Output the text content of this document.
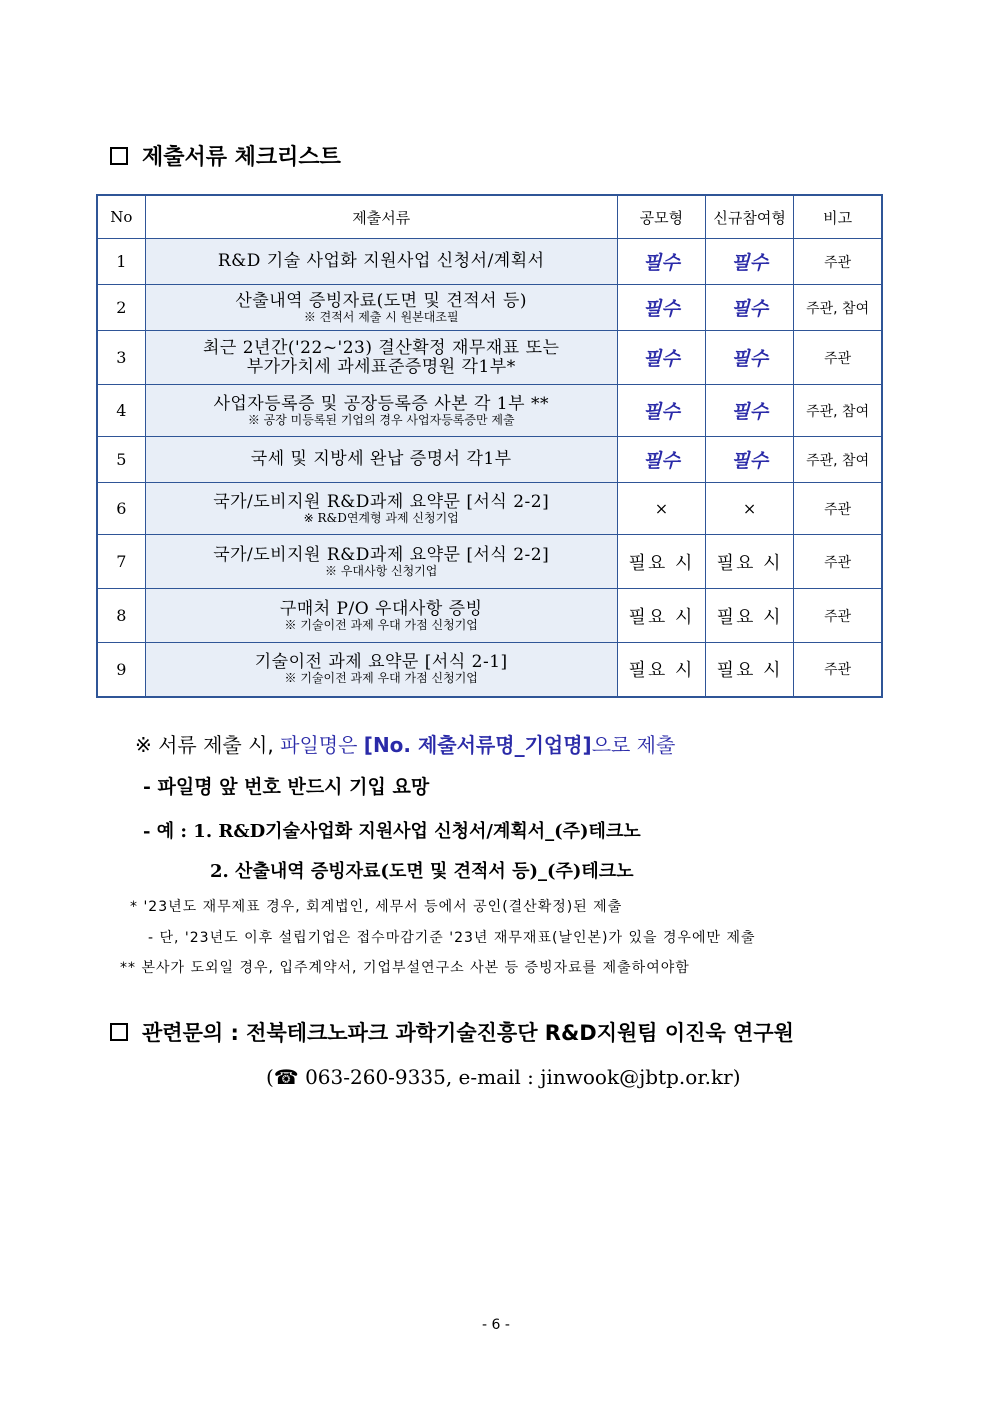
제출서류 체크리스트
No	제출서류	공모형	신규참여형	비고
1	R&D 기술 사업화 지원사업 신청서/계획서	필수	필수	주관
2	산출내역 증빙자료(도면 및 견적서 등)
※ 견적서 제출 시 원본대조필	필수	필수	주관, 참여
3	최근 2년간('22~'23) 결산확정 재무재표 또는
부가가치세 과세표준증명원 각1부*	필수	필수	주관
4	사업자등록증 및 공장등록증 사본 각 1부 **
※ 공장 미등록된 기업의 경우 사업자등록증만 제출	필수	필수	주관, 참여
5	국세 및 지방세 완납 증명서 각1부	필수	필수	주관, 참여
6	국가/도비지원 R&D과제 요약문 [서식 2-2]
※ R&D연계형 과제 신청기업	×	×	주관
7	국가/도비지원 R&D과제 요약문 [서식 2-2]
※ 우대사항 신청기업	필요 시	필요 시	주관
8	구매처 P/O 우대사항 증빙
※ 기술이전 과제 우대 가점 신청기업	필요 시	필요 시	주관
9	기술이전 과제 요약문 [서식 2-1]
※ 기술이전 과제 우대 가점 신청기업	필요 시	필요 시	주관
※ 서류 제출 시, 파일명은 [No. 제출서류명_기업명]으로 제출
- 파일명 앞 번호 반드시 기입 요망
- 예 : 1. R&D기술사업화 지원사업 신청서/계획서_(주)테크노
2. 산출내역 증빙자료(도면 및 견적서 등)_(주)테크노
* '23년도 재무제표 경우, 회계법인, 세무서 등에서 공인(결산확정)된 제출
- 단, '23년도 이후 설립기업은 접수마감기준 '23년 재무재표(날인본)가 있을 경우에만 제출
** 본사가 도외일 경우, 입주계약서, 기업부설연구소 사본 등 증빙자료를 제출하여야함
관련문의 : 전북테크노파크 과학기술진흥단 R&D지원팀 이진욱 연구원
(☎ 063-260-9335, e-mail : jinwook@jbtp.or.kr)
- 6 -
